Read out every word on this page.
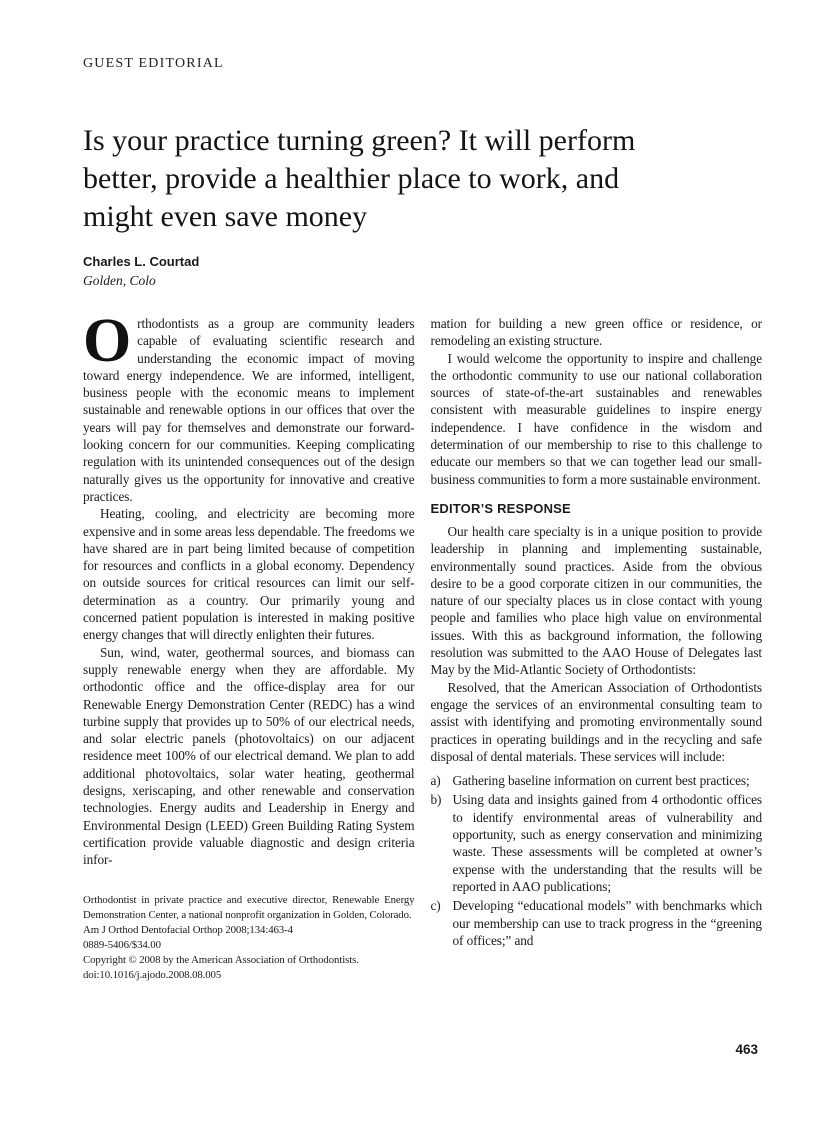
GUEST EDITORIAL
Is your practice turning green? It will perform
better, provide a healthier place to work, and
might even save money
Charles L. Courtad
Golden, Colo

Orthodontists as a group are community leaders capable of evaluating scientific research and understanding the economic impact of moving toward energy independence. We are informed, intelligent, business people with the economic means to implement sustainable and renewable options in our offices that over the years will pay for themselves and demonstrate our forward-looking concern for our communities. Keeping complicating regulation with its unintended consequences out of the design naturally gives us the opportunity for innovative and creative practices.

Heating, cooling, and electricity are becoming more expensive and in some areas less dependable. The freedoms we have shared are in part being limited because of competition for resources and conflicts in a global economy. Dependency on outside sources for critical resources can limit our self-determination as a country. Our primarily young and concerned patient population is interested in making positive energy changes that will directly enlighten their futures.

Sun, wind, water, geothermal sources, and biomass can supply renewable energy when they are affordable. My orthodontic office and the office-display area for our Renewable Energy Demonstration Center (REDC) has a wind turbine supply that provides up to 50% of our electrical needs, and solar electric panels (photovoltaics) on our adjacent residence meet 100% of our electrical demand. We plan to add additional photovoltaics, solar water heating, geothermal designs, xeriscaping, and other renewable and conservation technologies. Energy audits and Leadership in Energy and Environmental Design (LEED) Green Building Rating System certification provide valuable diagnostic and design criteria infor-

Orthodontist in private practice and executive director, Renewable Energy Demonstration Center, a national nonprofit organization in Golden, Colorado.
Am J Orthod Dentofacial Orthop 2008;134:463-4
0889-5406/$34.00
Copyright © 2008 by the American Association of Orthodontists.
doi:10.1016/j.ajodo.2008.08.005

mation for building a new green office or residence, or remodeling an existing structure.

I would welcome the opportunity to inspire and challenge the orthodontic community to use our national collaboration sources of state-of-the-art sustainables and renewables consistent with measurable guidelines to inspire energy independence. I have confidence in the wisdom and determination of our membership to rise to this challenge to educate our members so that we can together lead our small-business communities to form a more sustainable environment.

EDITOR’S RESPONSE

Our health care specialty is in a unique position to provide leadership in planning and implementing sustainable, environmentally sound practices. Aside from the obvious desire to be a good corporate citizen in our communities, the nature of our specialty places us in close contact with young people and families who place high value on environmental issues. With this as background information, the following resolution was submitted to the AAO House of Delegates last May by the Mid-Atlantic Society of Orthodontists:

Resolved, that the American Association of Orthodontists engage the services of an environmental consulting team to assist with identifying and promoting environmentally sound practices in operating buildings and in the recycling and safe disposal of dental materials. These services will include:

a) Gathering baseline information on current best practices;
b) Using data and insights gained from 4 orthodontic offices to identify environmental areas of vulnerability and opportunity, such as energy conservation and minimizing waste. These assessments will be completed at owner’s expense with the understanding that the results will be reported in AAO publications;
c) Developing “educational models” with benchmarks which our membership can use to track progress in the “greening of offices;” and
463
